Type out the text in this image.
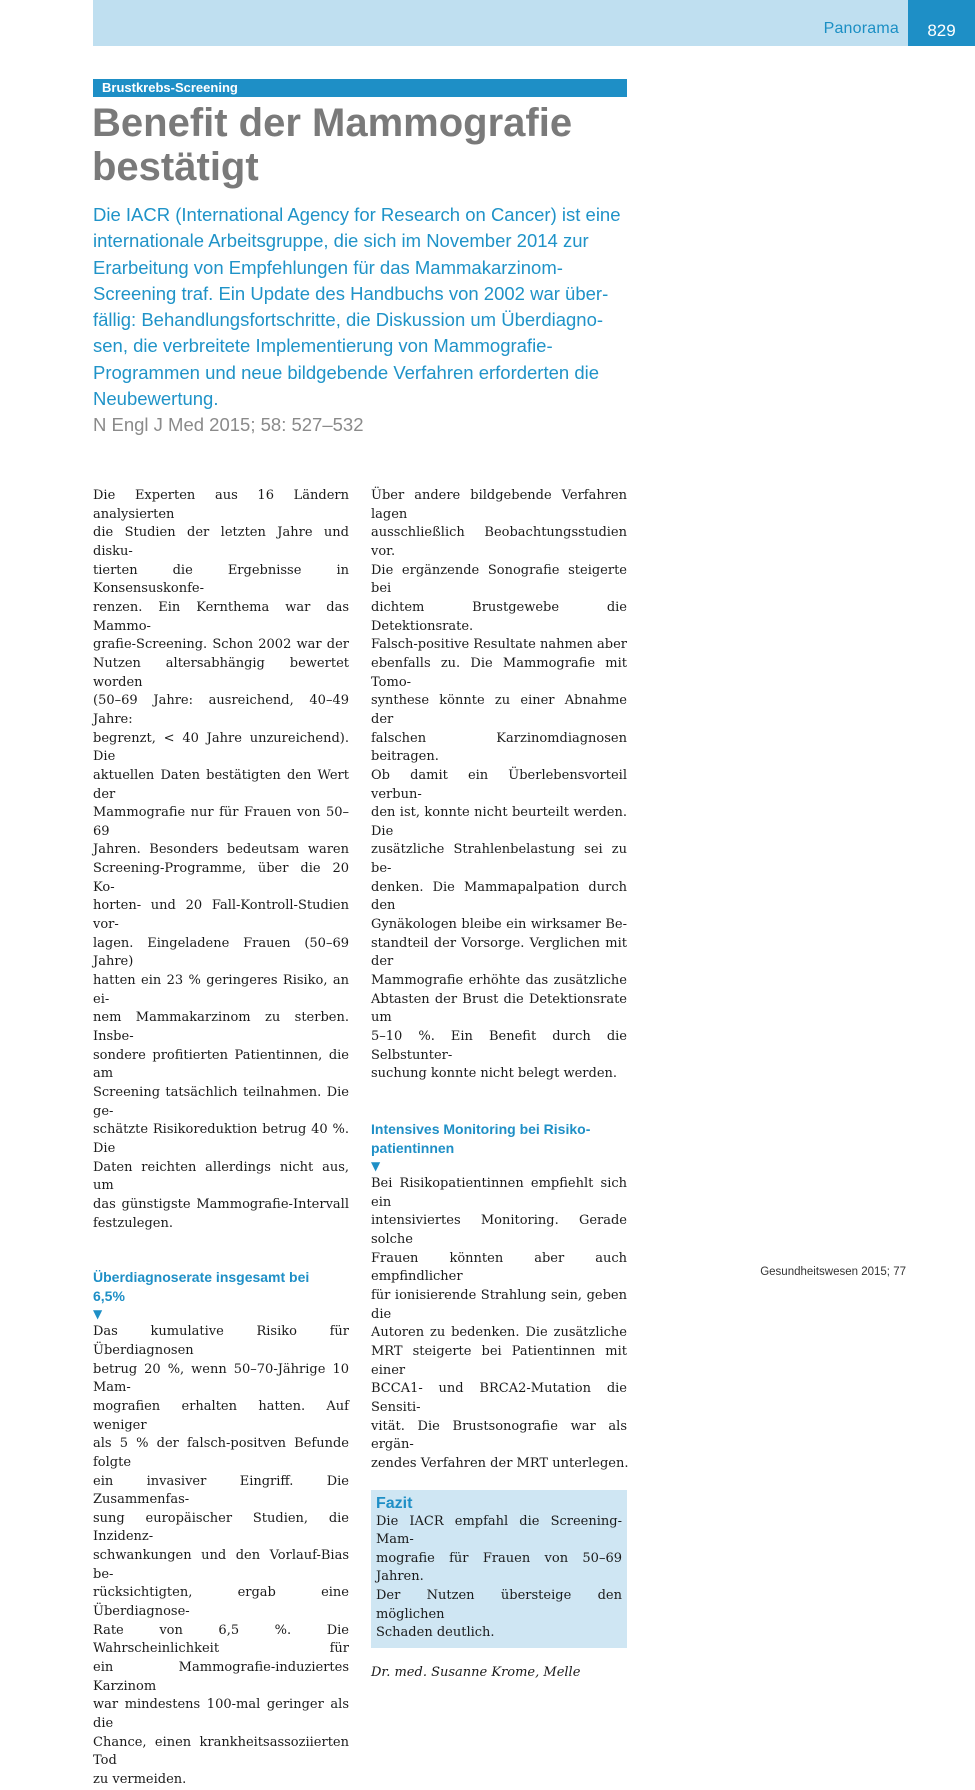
Panorama	829
Brustkrebs-Screening
Benefit der Mammografie
bestätigt
Die IACR (International Agency for Research on Cancer) ist eine
internationale Arbeitsgruppe, die sich im November 2014 zur
Erarbeitung von Empfehlungen für das Mammakarzinom-
Screening traf. Ein Update des Handbuchs von 2002 war über-
fällig: Behandlungsfortschritte, die Diskussion um Überdiagno-
sen, die verbreitete Implementierung von Mammografie-
Programmen und neue bildgebende Verfahren erforderten die
Neubewertung.
N Engl J Med 2015; 58: 527–532
Die Experten aus 16 Ländern analysierten
die Studien der letzten Jahre und disku-
tierten die Ergebnisse in Konsensuskonfe-
renzen. Ein Kernthema war das Mammo-
grafie-Screening. Schon 2002 war der
Nutzen altersabhängig bewertet worden
(50–69 Jahre: ausreichend, 40–49 Jahre:
begrenzt, < 40 Jahre unzureichend). Die
aktuellen Daten bestätigten den Wert der
Mammografie nur für Frauen von 50–69
Jahren. Besonders bedeutsam waren
Screening-Programme, über die 20 Ko-
horten- und 20 Fall-Kontroll-Studien vor-
lagen. Eingeladene Frauen (50–69 Jahre)
hatten ein 23 % geringeres Risiko, an ei-
nem Mammakarzinom zu sterben. Insbe-
sondere profitierten Patientinnen, die am
Screening tatsächlich teilnahmen. Die ge-
schätzte Risikoreduktion betrug 40 %. Die
Daten reichten allerdings nicht aus, um
das günstigste Mammografie-Intervall
festzulegen.
Überdiagnoserate insgesamt bei
6,5%
▼
Das kumulative Risiko für Überdiagnosen
betrug 20 %, wenn 50–70-Jährige 10 Mam-
mografien erhalten hatten. Auf weniger
als 5 % der falsch-positven Befunde folgte
ein invasiver Eingriff. Die Zusammenfas-
sung europäischer Studien, die Inzidenz-
schwankungen und den Vorlauf-Bias be-
rücksichtigten, ergab eine Überdiagnose-
Rate von 6,5 %. Die Wahrscheinlichkeit für
ein Mammografie-induziertes Karzinom
war mindestens 100-mal geringer als die
Chance, einen krankheitsassoziierten Tod
zu vermeiden.
Über andere bildgebende Verfahren lagen
ausschließlich Beobachtungsstudien vor.
Die ergänzende Sonografie steigerte bei
dichtem Brustgewebe die Detektionsrate.
Falsch-positive Resultate nahmen aber
ebenfalls zu. Die Mammografie mit Tomo-
synthese könnte zu einer Abnahme der
falschen Karzinomdiagnosen beitragen.
Ob damit ein Überlebensvorteil verbun-
den ist, konnte nicht beurteilt werden. Die
zusätzliche Strahlenbelastung sei zu be-
denken. Die Mammapalpation durch den
Gynäkologen bleibe ein wirksamer Be-
standteil der Vorsorge. Verglichen mit der
Mammografie erhöhte das zusätzliche
Abtasten der Brust die Detektionsrate um
5–10 %. Ein Benefit durch die Selbstunter-
suchung konnte nicht belegt werden.
Intensives Monitoring bei Risiko-
patientinnen
▼
Bei Risikopatientinnen empfiehlt sich ein
intensiviertes Monitoring. Gerade solche
Frauen könnten aber auch empfindlicher
für ionisierende Strahlung sein, geben die
Autoren zu bedenken. Die zusätzliche
MRT steigerte bei Patientinnen mit einer
BCCA1- und BRCA2-Mutation die Sensiti-
vität. Die Brustsonografie war als ergän-
zendes Verfahren der MRT unterlegen.
Fazit
Die IACR empfahl die Screening-Mam-
mografie für Frauen von 50–69 Jahren.
Der Nutzen übersteige den möglichen
Schaden deutlich.
Dr. med. Susanne Krome, Melle
Gesundheitswesen 2015; 77
